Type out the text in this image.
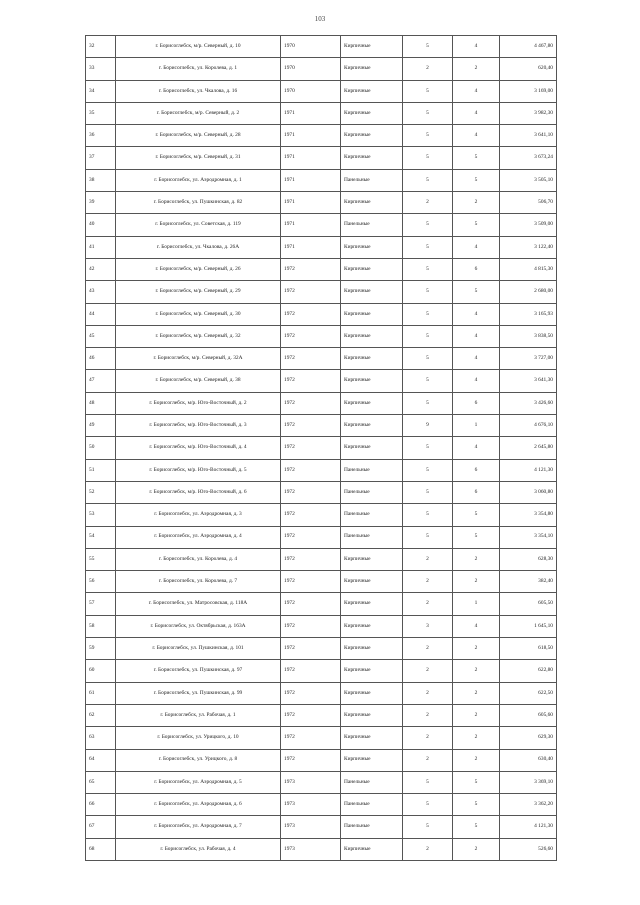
103
32	г. Борисоглебск, м/р. Северный, д. 10	1970	Кирпичные	5	4	4 467,80
33	г. Борисоглебск, ул. Королева, д. 1	1970	Кирпичные	2	2	620,40
34	г. Борисоглебск, ул. Чкалова, д. 16	1970	Кирпичные	5	4	3 169,00
35	г. Борисоглебск, м/р. Северный, д. 2	1971	Кирпичные	5	4	3 982,30
36	г. Борисоглебск, м/р. Северный, д. 28	1971	Кирпичные	5	4	3 641,10
37	г. Борисоглебск, м/р. Северный, д. 31	1971	Кирпичные	5	5	3 673,24
38	г. Борисоглебск, ул. Аэродромная, д. 1	1971	Панельные	5	5	3 505,10
39	г. Борисоглебск, ул. Пушкинская, д. 82	1971	Кирпичные	2	2	506,70
40	г. Борисоглебск, ул. Советская, д. 119	1971	Панельные	5	5	3 509,00
41	г. Борисоглебск, ул. Чкалова, д. 26А	1971	Кирпичные	5	4	3 122,40
42	г. Борисоглебск, м/р. Северный, д. 26	1972	Кирпичные	5	6	4 815,30
43	г. Борисоглебск, м/р. Северный, д. 29	1972	Кирпичные	5	5	2 680,00
44	г. Борисоглебск, м/р. Северный, д. 30	1972	Кирпичные	5	4	3 165,93
45	г. Борисоглебск, м/р. Северный, д. 32	1972	Кирпичные	5	4	3 838,50
46	г. Борисоглебск, м/р. Северный, д. 32А	1972	Кирпичные	5	4	3 727,00
47	г. Борисоглебск, м/р. Северный, д. 38	1972	Кирпичные	5	4	3 641,30
48	г. Борисоглебск, м/р. Юго-Восточный, д. 2	1972	Кирпичные	5	6	3 426,60
49	г. Борисоглебск, м/р. Юго-Восточный, д. 3	1972	Кирпичные	9	1	4 676,10
50	г. Борисоглебск, м/р. Юго-Восточный, д. 4	1972	Кирпичные	5	4	2 645,80
51	г. Борисоглебск, м/р. Юго-Восточный, д. 5	1972	Панельные	5	6	4 121,30
52	г. Борисоглебск, м/р. Юго-Восточный, д. 6	1972	Панельные	5	6	3 060,80
53	г. Борисоглебск, ул. Аэродромная, д. 3	1972	Панельные	5	5	3 354,80
54	г. Борисоглебск, ул. Аэродромная, д. 4	1972	Панельные	5	5	3 354,10
55	г. Борисоглебск, ул. Королева, д. 4	1972	Кирпичные	2	2	628,30
56	г. Борисоглебск, ул. Королева, д. 7	1972	Кирпичные	2	2	382,40
57	г. Борисоглебск, ул. Матросовская, д. 118А	1972	Кирпичные	2	1	605,50
58	г. Борисоглебск, ул. Октябрьская, д. 163А	1972	Кирпичные	3	4	1 645,10
59	г. Борисоглебск, ул. Пушкинская, д. 101	1972	Кирпичные	2	2	618,50
60	г. Борисоглебск, ул. Пушкинская, д. 97	1972	Кирпичные	2	2	622,80
61	г. Борисоглебск, ул. Пушкинская, д. 99	1972	Кирпичные	2	2	622,50
62	г. Борисоглебск, ул. Рабочая, д. 1	1972	Кирпичные	2	2	605,60
63	г. Борисоглебск, ул. Урицкого, д. 10	1972	Кирпичные	2	2	629,30
64	г. Борисоглебск, ул. Урицкого, д. 8	1972	Кирпичные	2	2	630,40
65	г. Борисоглебск, ул. Аэродромная, д. 5	1973	Панельные	5	5	3 369,10
66	г. Борисоглебск, ул. Аэродромная, д. 6	1973	Панельные	5	5	3 362,20
67	г. Борисоглебск, ул. Аэродромная, д. 7	1973	Панельные	5	5	4 121,30
68	г. Борисоглебск, ул. Рабочая, д. 4	1973	Кирпичные	2	2	526,60
